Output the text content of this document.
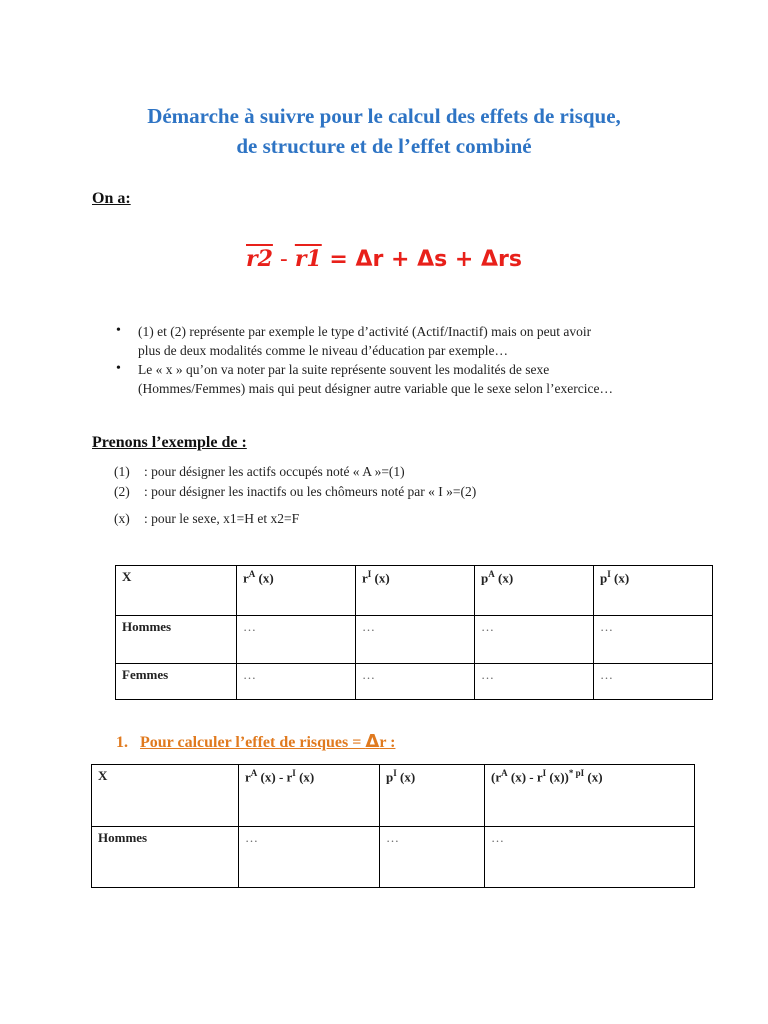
Démarche à suivre pour le calcul des effets de risque,
de structure et de l’effet combiné
On a:
r2 - r1 = Δr + Δs + Δrs
• (1) et (2) représente par exemple le type d’activité (Actif/Inactif) mais on peut avoir
plus de deux modalités comme le niveau d’éducation par exemple…
• Le « x » qu’on va noter par la suite représente souvent les modalités de sexe
(Hommes/Femmes) mais qui peut désigner autre variable que le sexe selon l’exercice…
Prenons l’exemple de :
(1) : pour désigner les actifs occupés noté « A »=(1)
(2) : pour désigner les inactifs ou les chômeurs noté par « I »=(2)
(x) : pour le sexe, x1=H et x2=F
X	$r^A$ (x)	$r^I$ (x)	$p^A$ (x)	$p^I$ (x)
Hommes	…	…	…	…
Femmes	…	…	…	…
1. Pour calculer l’effet de risques = Δr :
X	$r^A$ $(x) - r^I$ (x)	$p^I$ (x)	($r^A$ $(x) - r^I$ (x))$^{* pI}$ (x)
Hommes	…	…	…
